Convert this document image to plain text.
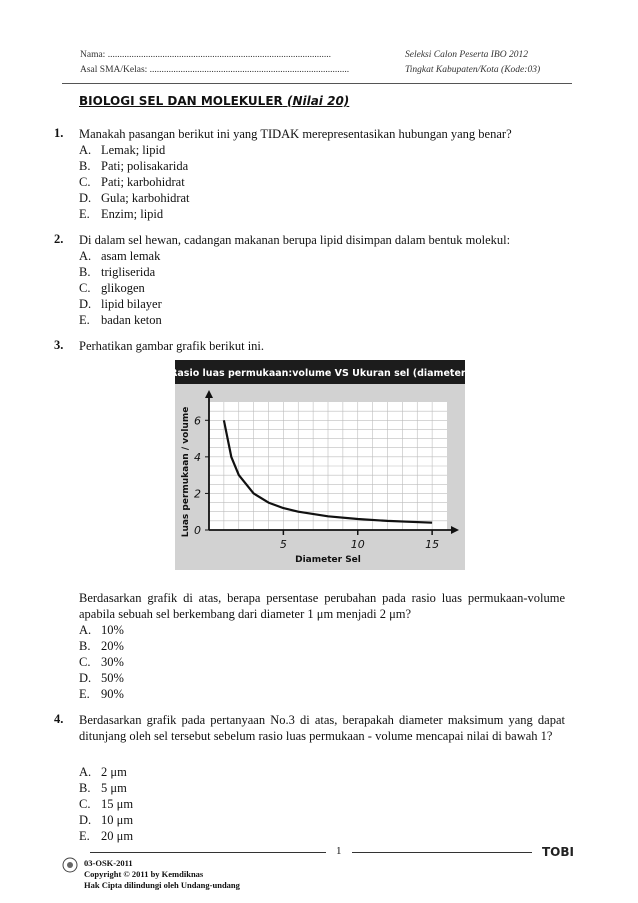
Nama: ..............................................................................................
Asal SMA/Kelas: ....................................................................................
Seleksi Calon Peserta IBO 2012
Tingkat Kabupaten/Kota (Kode:03)
BIOLOGI SEL DAN MOLEKULER (Nilai 20)
1. Manakah pasangan berikut ini yang TIDAK merepresentasikan hubungan yang benar?
A. Lemak; lipid
B. Pati; polisakarida
C. Pati; karbohidrat
D. Gula; karbohidrat
E. Enzim; lipid
2. Di dalam sel hewan, cadangan makanan berupa lipid disimpan dalam bentuk molekul:
A. asam lemak
B. trigliserida
C. glikogen
D. lipid bilayer
E. badan keton
3. Perhatikan gambar grafik berikut ini.
Rasio luas permukaan:volume VS Ukuran sel (diameter)
Luas permukaan / volume
Diameter Sel
0
2
4
6
5	10	15
Berdasarkan grafik di atas, berapa persentase perubahan pada rasio luas permukaan-volume apabila sebuah sel berkembang dari diameter 1 μm menjadi 2 μm?
A. 10%
B. 20%
C. 30%
D. 50%
E. 90%
4. Berdasarkan grafik pada pertanyaan No.3 di atas, berapakah diameter maksimum yang dapat ditunjang oleh sel tersebut sebelum rasio luas permukaan - volume mencapai nilai di bawah 1?
A. 2 μm
B. 5 μm
C. 15 μm
D. 10 μm
E. 20 μm
1
03-OSK-2011
Copyright © 2011 by Kemdiknas
Hak Cipta dilindungi oleh Undang-undang
TOBI
